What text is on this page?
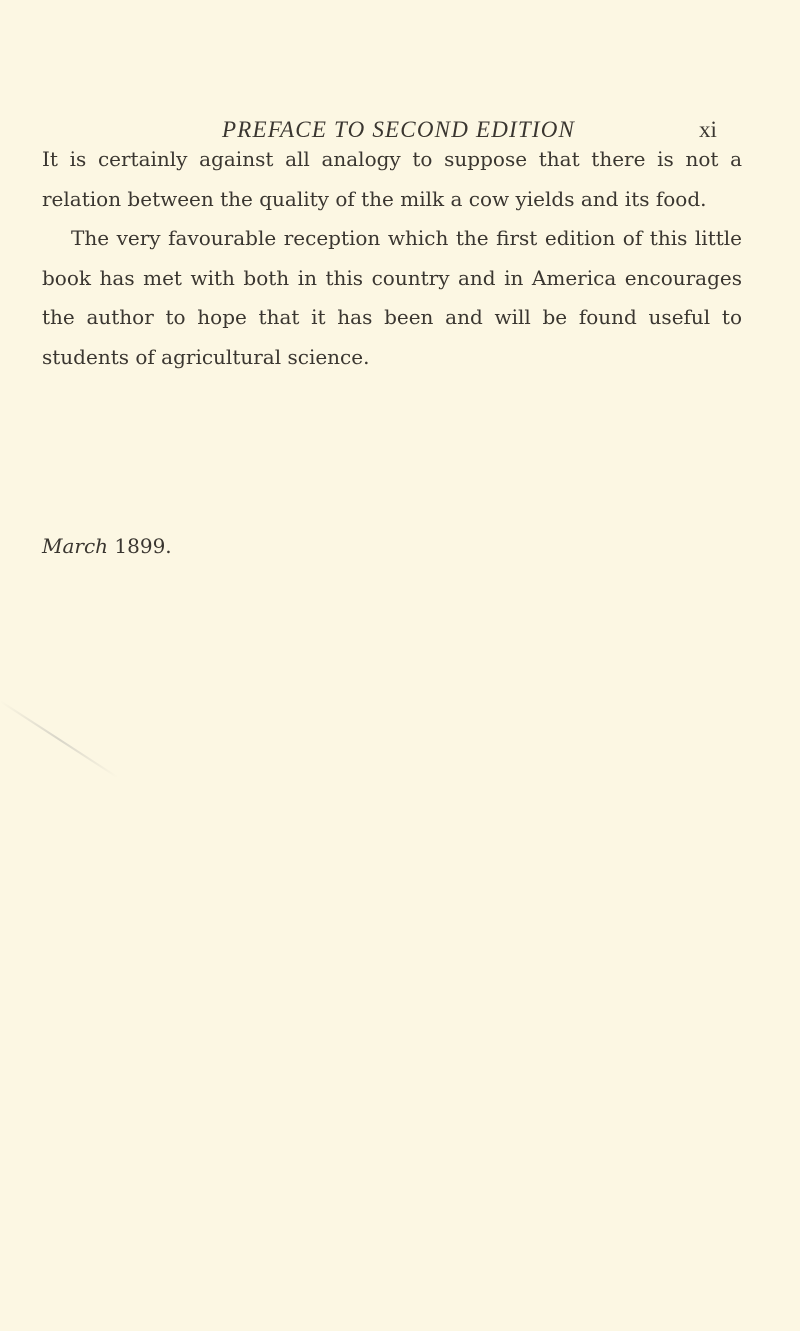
PREFACE TO SECOND EDITION	xi

It is certainly against all analogy to suppose that there is not a relation between the quality of the milk a cow yields and its food.

The very favourable reception which the first edition of this little book has met with both in this country and in America encourages the author to hope that it has been and will be found useful to students of agricultural science.

March 1899.
